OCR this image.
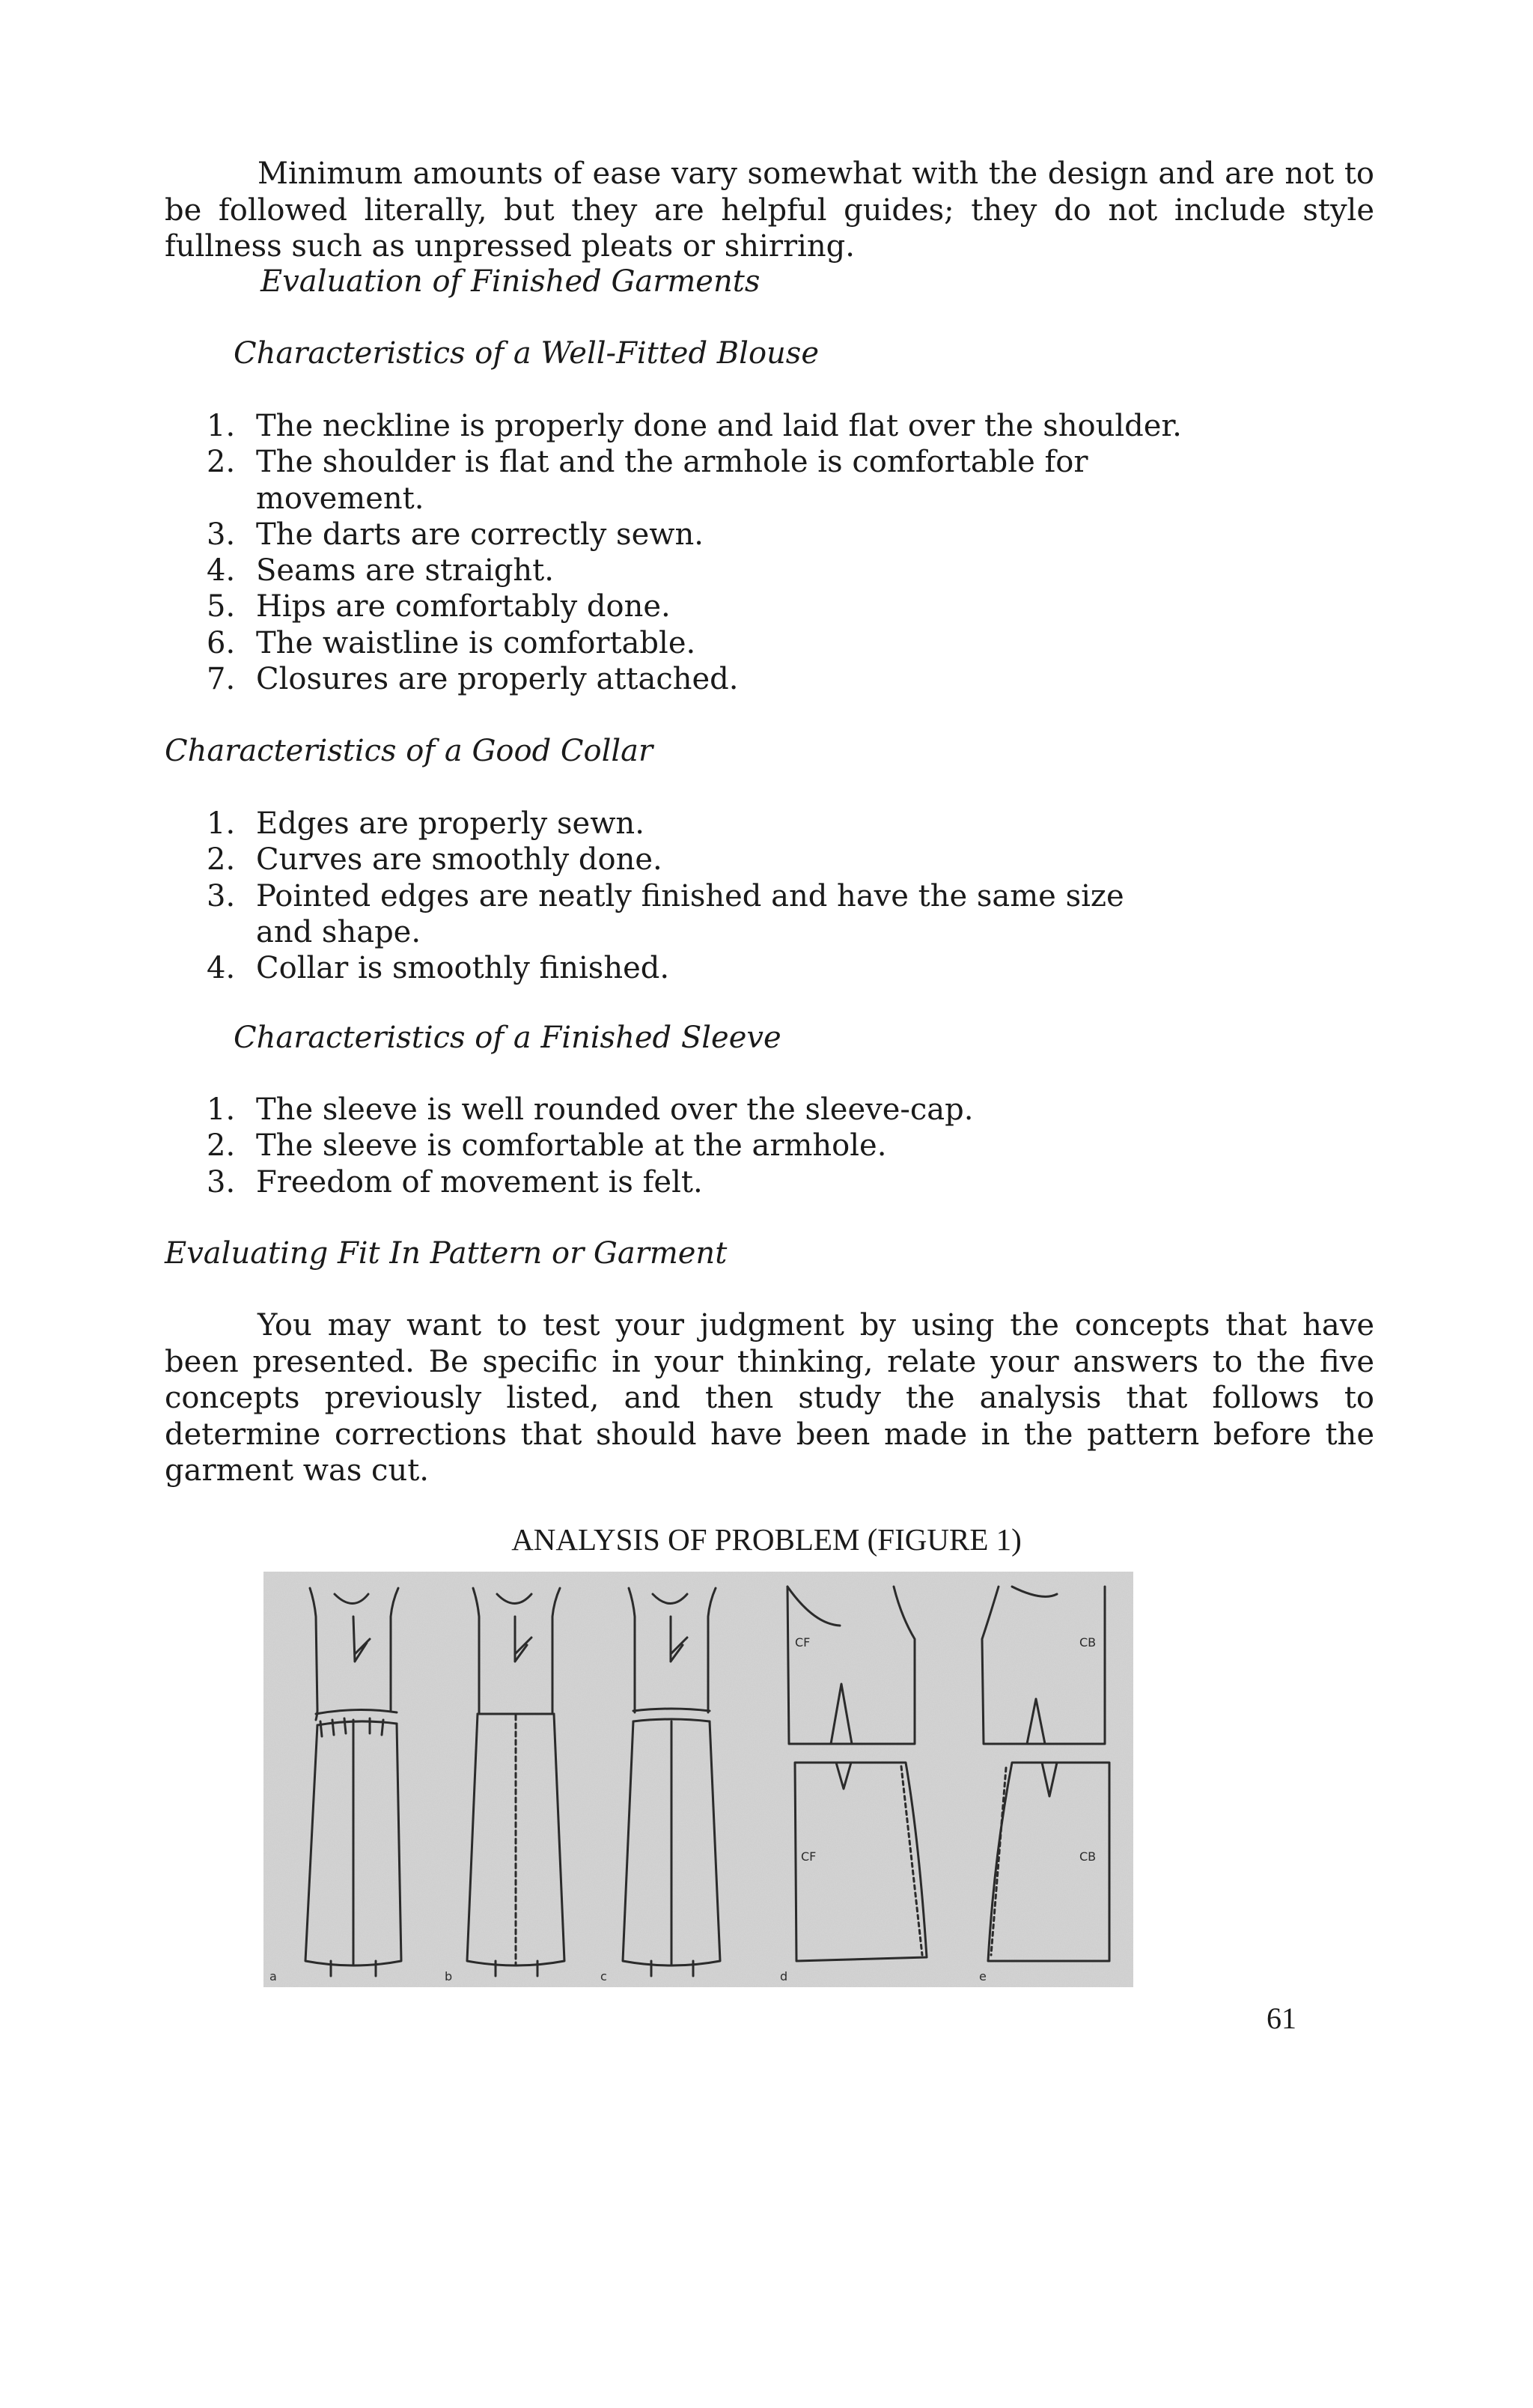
Minimum amounts of ease vary somewhat with the design and are not to be followed literally, but they are helpful guides; they do not include style fullness such as unpressed pleats or shirring.

Evaluation of Finished Garments

Characteristics of a Well-Fitted Blouse

1. The neckline is properly done and laid flat over the shoulder.
2. The shoulder is flat and the armhole is comfortable for movement.
3. The darts are correctly sewn.
4. Seams are straight.
5. Hips are comfortably done.
6. The waistline is comfortable.
7. Closures are properly attached.

Characteristics of a Good Collar

1. Edges are properly sewn.
2. Curves are smoothly done.
3. Pointed edges are neatly finished and have the same size and shape.
4. Collar is smoothly finished.

Characteristics of a Finished Sleeve

1. The sleeve is well rounded over the sleeve-cap.
2. The sleeve is comfortable at the armhole.
3. Freedom of movement is felt.

Evaluating Fit In Pattern or Garment

You may want to test your judgment by using the concepts that have been presented. Be specific in your thinking, relate your answers to the five concepts previously listed, and then study the analysis that follows to determine corrections that should have been made in the pattern before the garment was cut.

ANALYSIS OF PROBLEM (FIGURE 1)
a	b	c	d	e
CF	CB
CF	CB
61
